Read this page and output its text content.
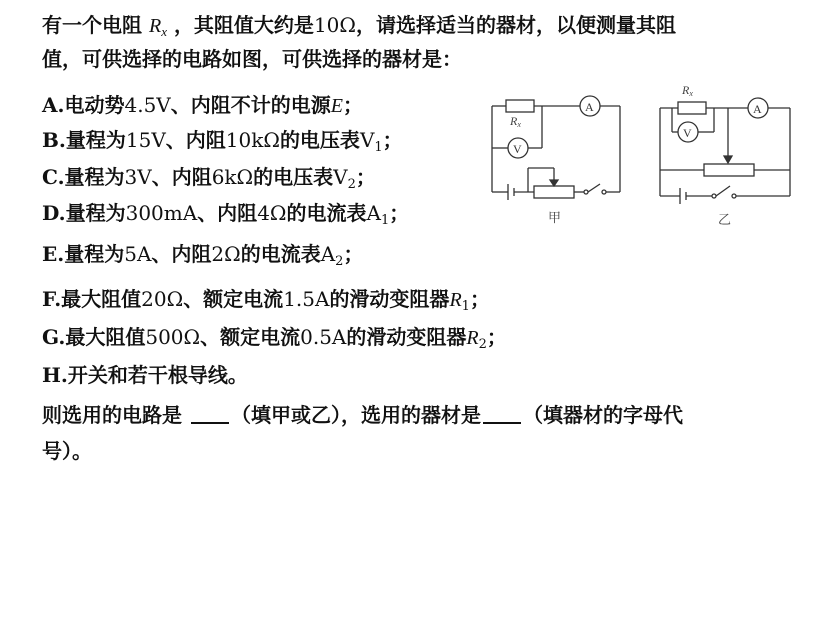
有一个电阻 $R_x$ ，其阻值大约是10Ω，请选择适当的器材，以便测量其阻
值，可供选择的电路如图，可供选择的器材是：
A.电动势4.5V、内阻不计的电源E；
B.量程为15V、内阻10kΩ的电压表$V_1$；
C.量程为3V、内阻6kΩ的电压表$V_2$；
D.量程为300mA、内阻4Ω的电流表$A_1$；
E.量程为5A、内阻2Ω的电流表$A_2$；
F.最大阻值20Ω、额定电流1.5A的滑动变阻器$R_1$；
G.最大阻值500Ω、额定电流0.5A的滑动变阻器$R_2$；
H.开关和若干根导线。
则选用的电路是 （填甲或乙），选用的器材是 （填器材的字母代
号）。
Rx
A
V
甲
Rx
A
V
乙
